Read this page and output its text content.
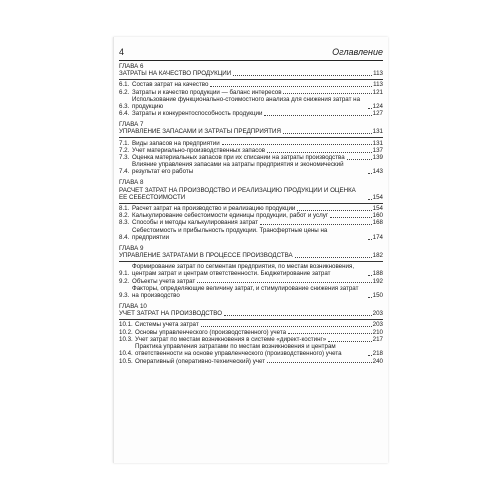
4	Оглавление
ГЛАВА 6
ЗАТРАТЫ НА КАЧЕСТВО ПРОДУКЦИИ	113
6.1. Состав затрат на качество	113
6.2. Затраты и качество продукции — баланс интересов	121
6.3.
Использование функционально-стоимостного анализа для снижения затрат на продукцию	124
6.4. Затраты и конкурентоспособность продукции	127
ГЛАВА 7
УПРАВЛЕНИЕ ЗАПАСАМИ И ЗАТРАТЫ ПРЕДПРИЯТИЯ	131
7.1. Виды запасов на предприятии	131
7.2. Учет материально-производственных запасов	137
7.3. Оценка материальных запасов при их списании на затраты производства	139
7.4.
Влияние управления запасами на затраты предприятия и экономический результат его работы	143
ГЛАВА 8
РАСЧЕТ ЗАТРАТ НА ПРОИЗВОДСТВО И РЕАЛИЗАЦИЮ ПРОДУКЦИИ И ОЦЕНКА ЕЕ СЕБЕСТОИМОСТИ	154
8.1. Расчет затрат на производство и реализацию продукции	154
8.2. Калькулирование себестоимости единицы продукции, работ и услуг	160
8.3. Способы и методы калькулирования затрат	168
8.4.
Себестоимость и прибыльность продукции. Трансфертные цены на предприятии	174
ГЛАВА 9
УПРАВЛЕНИЕ ЗАТРАТАМИ В ПРОЦЕССЕ ПРОИЗВОДСТВА	182
9.1.
Формирование затрат по сегментам предприятия, по местам возникновения, центрам затрат и центрам ответственности. Бюджетирование затрат	188
9.2. Объекты учета затрат	192
9.3.
Факторы, определяющие величину затрат, и стимулирование снижения затрат на производство	150
ГЛАВА 10
УЧЕТ ЗАТРАТ НА ПРОИЗВОДСТВО	203
10.1. Системы учета затрат	203
10.2. Основы управленческого (производственного) учета	210
10.3. Учет затрат по местам возникновения в системе «директ-костинг»	217
10.4.
Практика управления затратами по местам возникновения и центрам ответственности на основе управленческого (производственного) учета	218
10.5. Оперативный (оперативно-технический) учет	240
